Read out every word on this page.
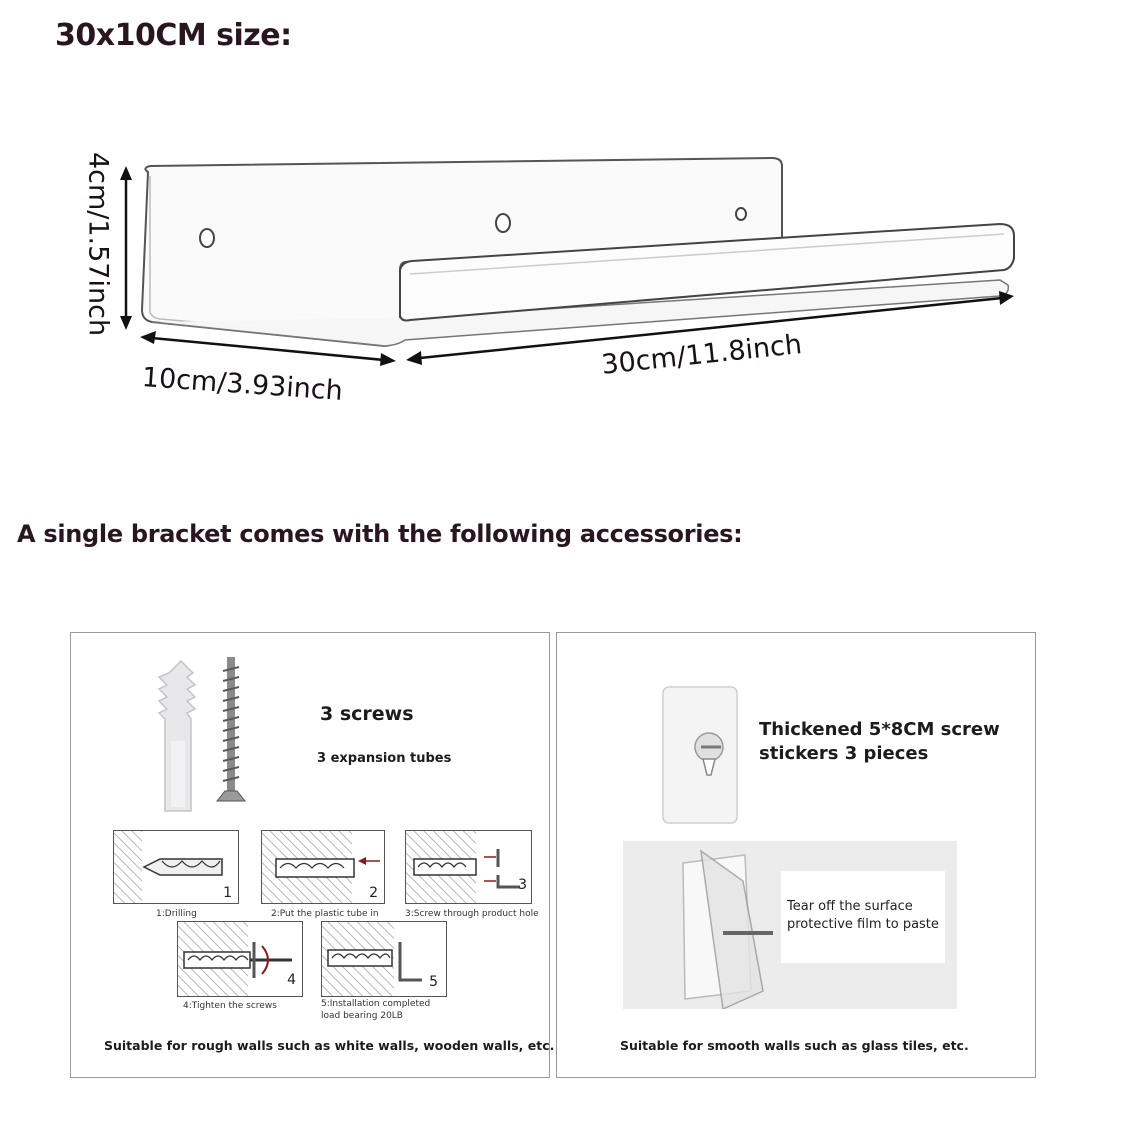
30x10CM size:
4cm/1.57inch
10cm/3.93inch
30cm/11.8inch
A single bracket comes with the following accessories:
3 screws
3 expansion tubes
1
1:Drilling
2
2:Put the plastic tube in
3
3:Screw through product hole
4
4:Tighten the screws
5
5:Installation completed
load bearing 20LB
Suitable for rough walls such as white walls, wooden walls, etc.
Thickened 5*8CM screw
stickers 3 pieces
Tear off the surface
protective film to paste
Suitable for smooth walls such as glass tiles, etc.
